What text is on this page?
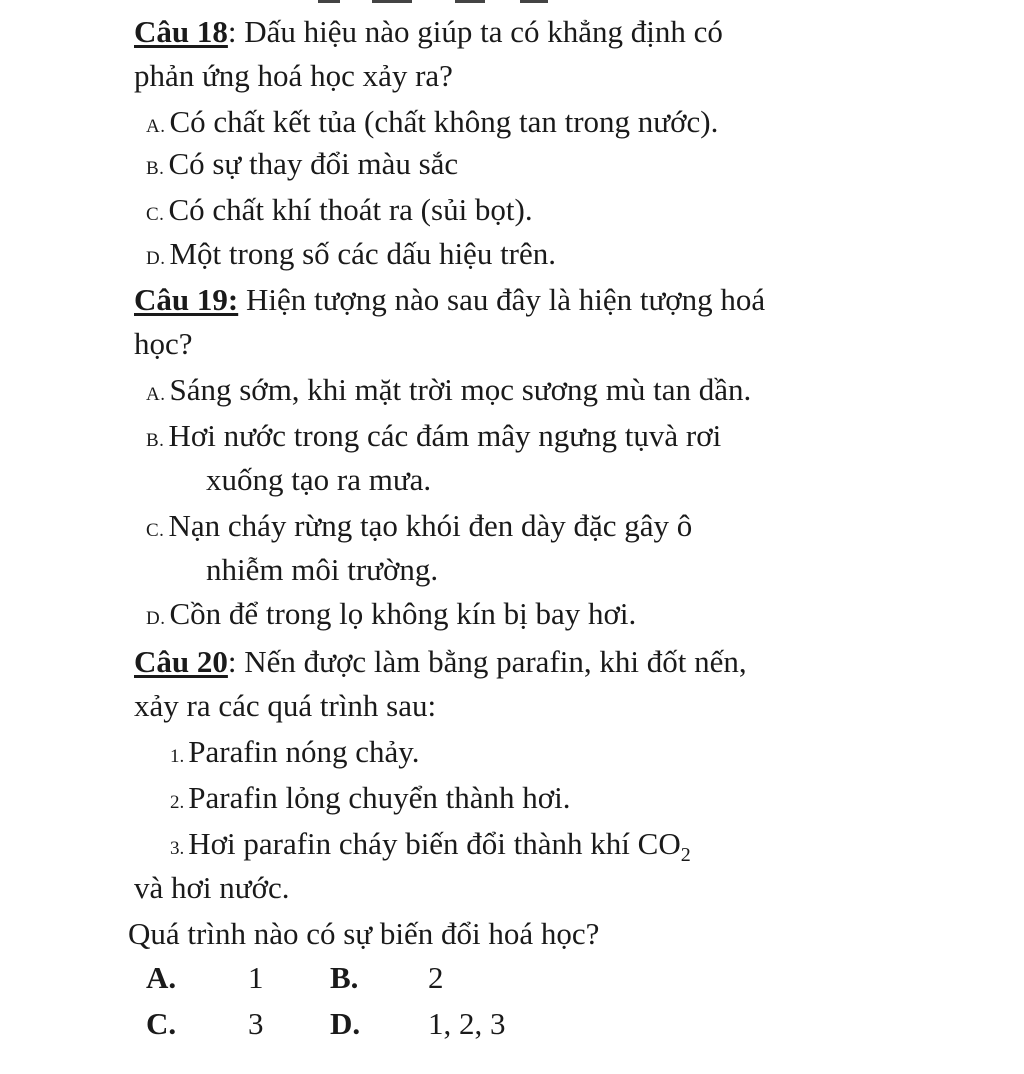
Câu 18: Dấu hiệu nào giúp ta có khẳng định có
phản ứng hoá học xảy ra?
A. Có chất kết tủa (chất không tan trong nước).
B. Có sự thay đổi màu sắc
C. Có chất khí thoát ra (sủi bọt).
D. Một trong số các dấu hiệu trên.
Câu 19: Hiện tượng nào sau đây là hiện tượng hoá
học?
A. Sáng sớm, khi mặt trời mọc sương mù tan dần.
B. Hơi nước trong các đám mây ngưng tụvà rơi
xuống tạo ra mưa.
C. Nạn cháy rừng tạo khói đen dày đặc gây ô
nhiễm môi trường.
D. Cồn để trong lọ không kín bị bay hơi.
Câu 20: Nến được làm bằng parafin, khi đốt nến,
xảy ra các quá trình sau:
1. Parafin nóng chảy.
2. Parafin lỏng chuyển thành hơi.
3. Hơi parafin cháy biến đổi thành khí $CO_2$
và hơi nước.
Quá trình nào có sự biến đổi hoá học?
A. 1 B. 2
C. 3 D. 1, 2, 3
